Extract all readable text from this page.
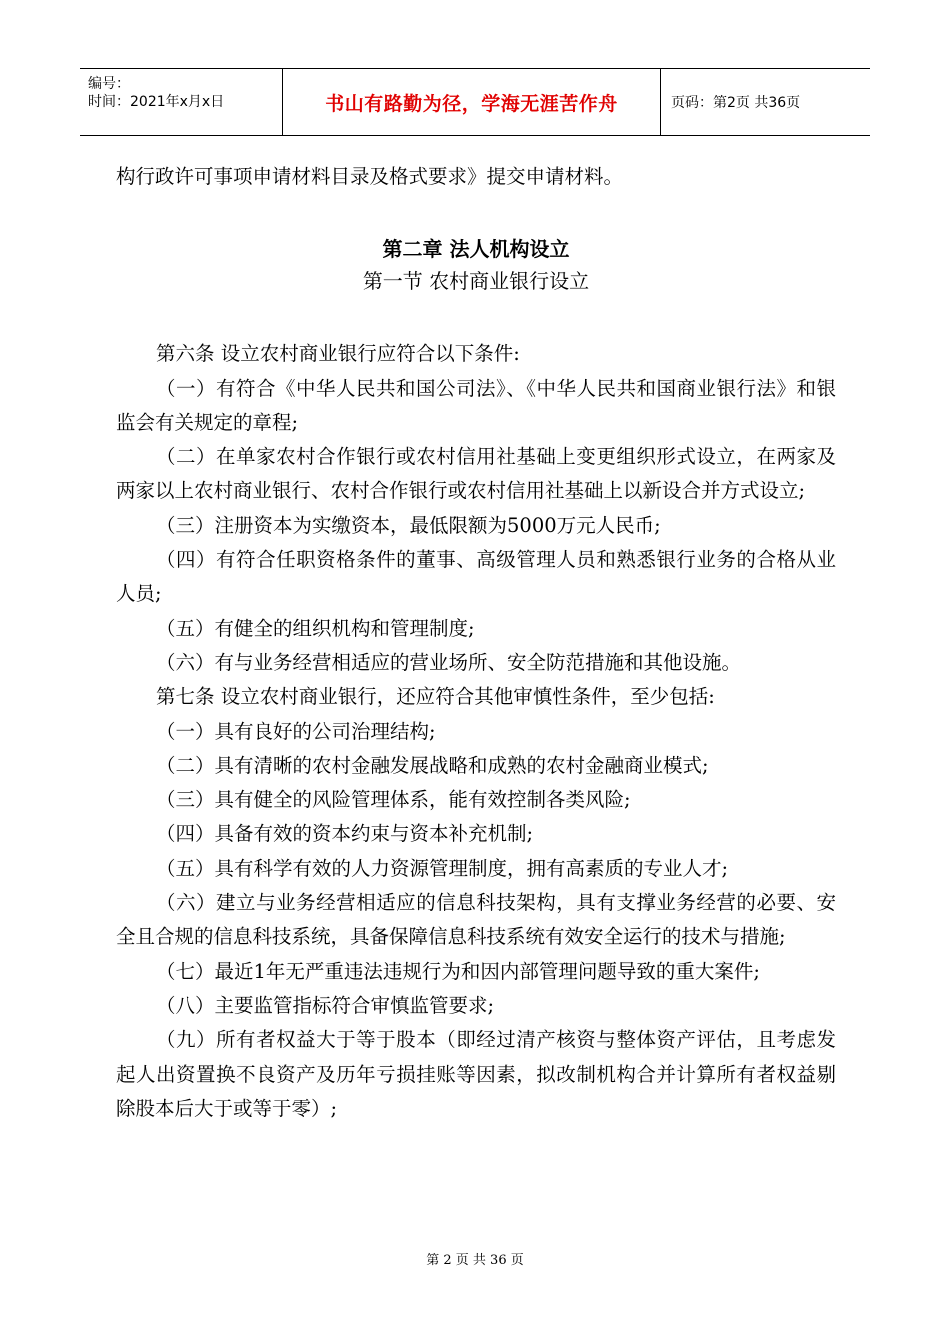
编号：
时间：2021年x月x日	书山有路勤为径，学海无涯苦作舟	页码：第2页 共36页

构行政许可事项申请材料目录及格式要求》提交申请材料。

第二章 法人机构设立
第一节 农村商业银行设立

第六条 设立农村商业银行应符合以下条件:

（一）有符合《中华人民共和国公司法》、《中华人民共和国商业银行法》和银监会有关规定的章程;

（二）在单家农村合作银行或农村信用社基础上变更组织形式设立，在两家及两家以上农村商业银行、农村合作银行或农村信用社基础上以新设合并方式设立;

（三）注册资本为实缴资本，最低限额为5000万元人民币;

（四）有符合任职资格条件的董事、高级管理人员和熟悉银行业务的合格从业人员;

（五）有健全的组织机构和管理制度;

（六）有与业务经营相适应的营业场所、安全防范措施和其他设施。

第七条 设立农村商业银行，还应符合其他审慎性条件，至少包括:

（一）具有良好的公司治理结构;

（二）具有清晰的农村金融发展战略和成熟的农村金融商业模式;

（三）具有健全的风险管理体系，能有效控制各类风险;

（四）具备有效的资本约束与资本补充机制;

（五）具有科学有效的人力资源管理制度，拥有高素质的专业人才;

（六）建立与业务经营相适应的信息科技架构，具有支撑业务经营的必要、安全且合规的信息科技系统，具备保障信息科技系统有效安全运行的技术与措施;

（七）最近1年无严重违法违规行为和因内部管理问题导致的重大案件;

（八）主要监管指标符合审慎监管要求;

（九）所有者权益大于等于股本（即经过清产核资与整体资产评估，且考虑发起人出资置换不良资产及历年亏损挂账等因素，拟改制机构合并计算所有者权益剔除股本后大于或等于零）;

第 2 页 共 36 页
